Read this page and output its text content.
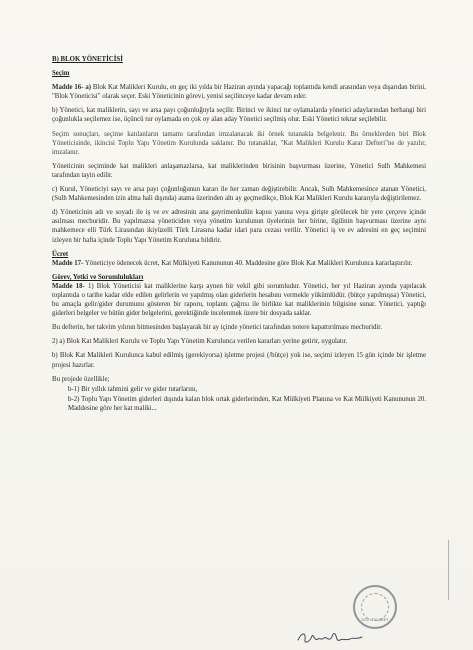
B) BLOK YÖNETİCİSİ

Seçim

Madde 16- a) Blok Kat Malikleri Kurulu, en geç iki yılda bir Haziran ayında yapacağı toplantıda kendi arasından veya dışarıdan birini, "Blok Yöneticisi" olarak seçer. Eski Yöneticinin görevi, yenisi seçilinceye kadar devam eder.

b) Yönetici, kat maliklerin, sayı ve arsa payı çoğunluğuyla seçilir. Birinci ve ikinci tur oylamalarda yönetici adaylarından herhangi biri çoğunlukla seçilemez ise, üçüncü tur oylamada en çok oy alan aday Yönetici seçilmiş olur. Eski Yönetici tekrar seçilebilir.

Seçim sonuçları, seçime katılanların tamamı tarafından imzalanacak iki örnek tutanakla belgelenir. Bu örneklerden biri Blok Yöneticisinde, ikincisi Toplu Yapı Yönetim Kurulunda saklanır. Bu tutanaklar, "Kat Malikleri Kurulu Karar Defteri"ne de yazılır, imzalanır.

Yöneticinin seçiminde kat malikleri anlaşamazlarsa, kat maliklerinden birisinin başvurması üzerine, Yönetici Sulh Mahkemesi tarafından tayin edilir.

c) Kurul, Yöneticiyi sayı ve arsa payı çoğunluğunun kararı ile her zaman değiştirebilir. Ancak, Sulh Mahkemesince atanan Yönetici, (Sulh Mahkemesinden izin alma hali dışında) atama üzerinden altı ay geçmedikçe, Blok Kat Malikleri Kurulu kararıyla değiştirilemez.

d) Yöneticinin adı ve soyadı ile iş ve ev adresinin ana gayrimenkulün kapısı yanına veya girişte görülecek bir yere çerçeve içinde asılması mecburidir. Bu yapılmazsa yöneticiden veya yönetim kurulunun üyelerinin her birine, ilgilinin başvurması üzerine aynı mahkemece elli Türk Lirasından ikiyüzelli Türk Lirasına kadar idari para cezası verilir. Yönetici iş ve ev adresini en geç seçimini izleyen bir hafta içinde Toplu Yapı Yönetim Kuruluna bildirir.

Ücret

Madde 17- Yöneticiye ödenecek ücret, Kat Mülkiyeti Kanununun 40. Maddesine göre Blok Kat Malikleri Kurulunca kararlaştırılır.

Görev, Yetki ve Sorumlulukları

Madde 18- 1) Blok Yöneticisi kat maliklerine karşı aynen bir vekil gibi sorumludur. Yönetici, her yıl Haziran ayında yapılacak toplantıda o tarihe kadar elde edilen gelirlerin ve yapılmış olan giderlerin hesabını vermekle yükümlüdür. (bütçe yapılmışsa) Yönetici, bu amaçla gelir/gider durumunu gösteren bir raporu, toplantı çağrısı ile birlikte kat maliklerinin bilgisine sunar. Yönetici, yaptığı giderleri belgeler ve bütün gider belgelerini, gerektiğinde incelenmek üzere bir dosyada saklar.

Bu defterin, her takvim yılının bitmesinden başlayarak bir ay içinde yönetici tarafından notere kapattırılması mecburidir.

2) a) Blok Kat Malikleri Kurulu ve Toplu Yapı Yönetim Kurulunca verilen kararları yerine getirir, uygulatır.

b) Blok Kat Malikleri Kurulunca kabul edilmiş (gerekiyorsa) işletme projesi (/bütçe) yok ise, seçimi izleyen 15 gün içinde bir işletme projesi hazırlar.

Bu projede özellikle;

b-1) Bir yıllık tahmini gelir ve gider tutarlarını,
b-2) Toplu Yapı Yönetim giderleri dışında kalan blok ortak giderlerinden, Kat Mülkiyeti Planına ve Kat Mülkiyeti Kanununun 20. Maddesine göre her kat maliki...
SÖZ. TİCARET
